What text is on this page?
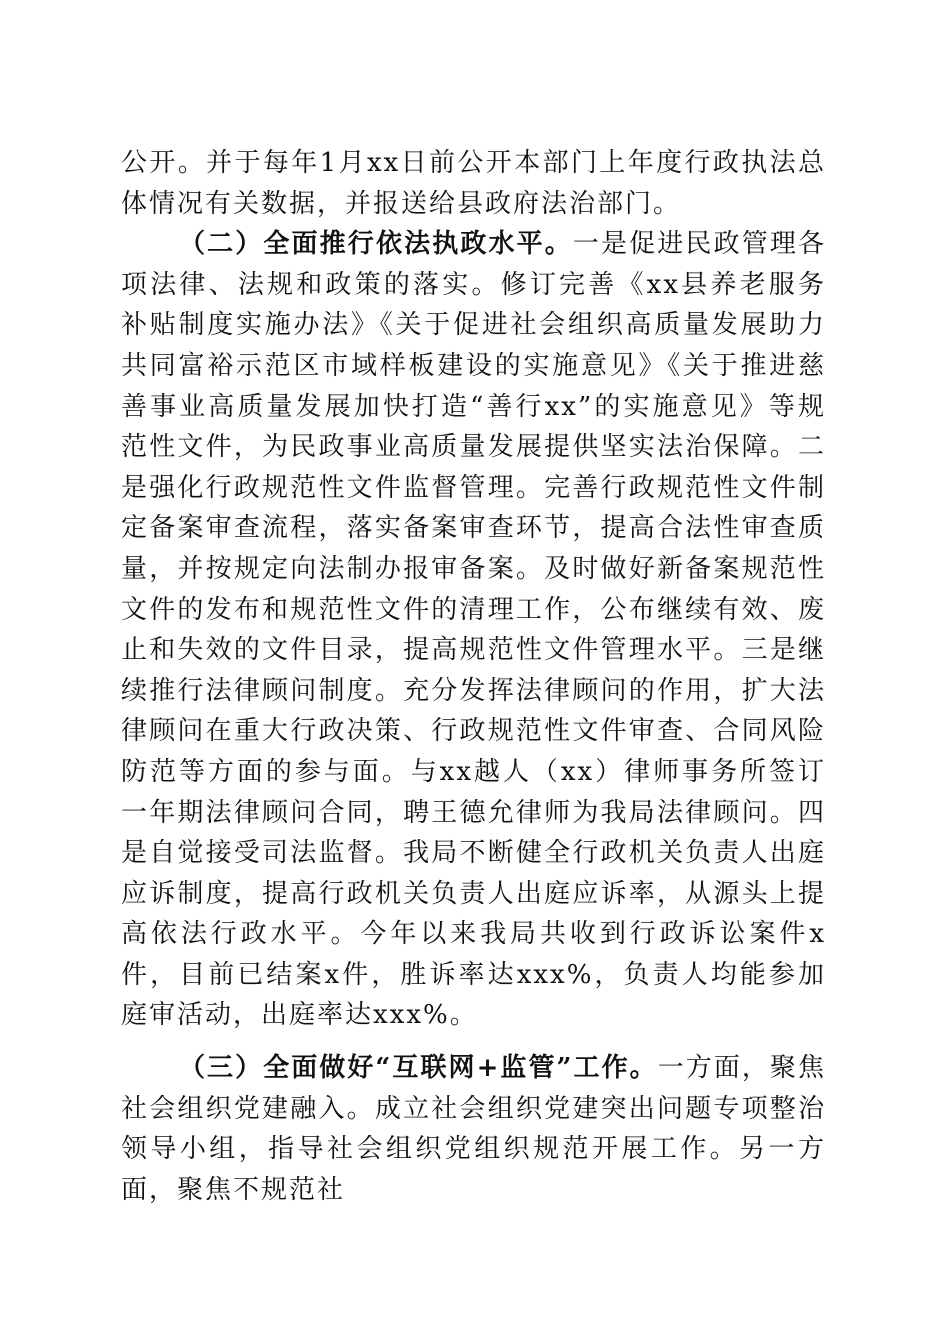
公开。并于每年1月xx日前公开本部门上年度行政执法总体情况有关数据，并报送给县政府法治部门。

（二）全面推行依法执政水平。一是促进民政管理各项法律、法规和政策的落实。修订完善《xx县养老服务补贴制度实施办法》《关于促进社会组织高质量发展助力共同富裕示范区市域样板建设的实施意见》《关于推进慈善事业高质量发展加快打造“善行xx”的实施意见》等规范性文件，为民政事业高质量发展提供坚实法治保障。二是强化行政规范性文件监督管理。完善行政规范性文件制定备案审查流程，落实备案审查环节，提高合法性审查质量，并按规定向法制办报审备案。及时做好新备案规范性文件的发布和规范性文件的清理工作，公布继续有效、废止和失效的文件目录，提高规范性文件管理水平。三是继续推行法律顾问制度。充分发挥法律顾问的作用，扩大法律顾问在重大行政决策、行政规范性文件审查、合同风险防范等方面的参与面。与xx越人（xx）律师事务所签订一年期法律顾问合同，聘王德允律师为我局法律顾问。四是自觉接受司法监督。我局不断健全行政机关负责人出庭应诉制度，提高行政机关负责人出庭应诉率，从源头上提高依法行政水平。今年以来我局共收到行政诉讼案件x件，目前已结案x件，胜诉率达xxx%，负责人均能参加庭审活动，出庭率达xxx%。

（三）全面做好“互联网+监管”工作。一方面，聚焦社会组织党建融入。成立社会组织党建突出问题专项整治领导小组，指导社会组织党组织规范开展工作。另一方面，聚焦不规范社
